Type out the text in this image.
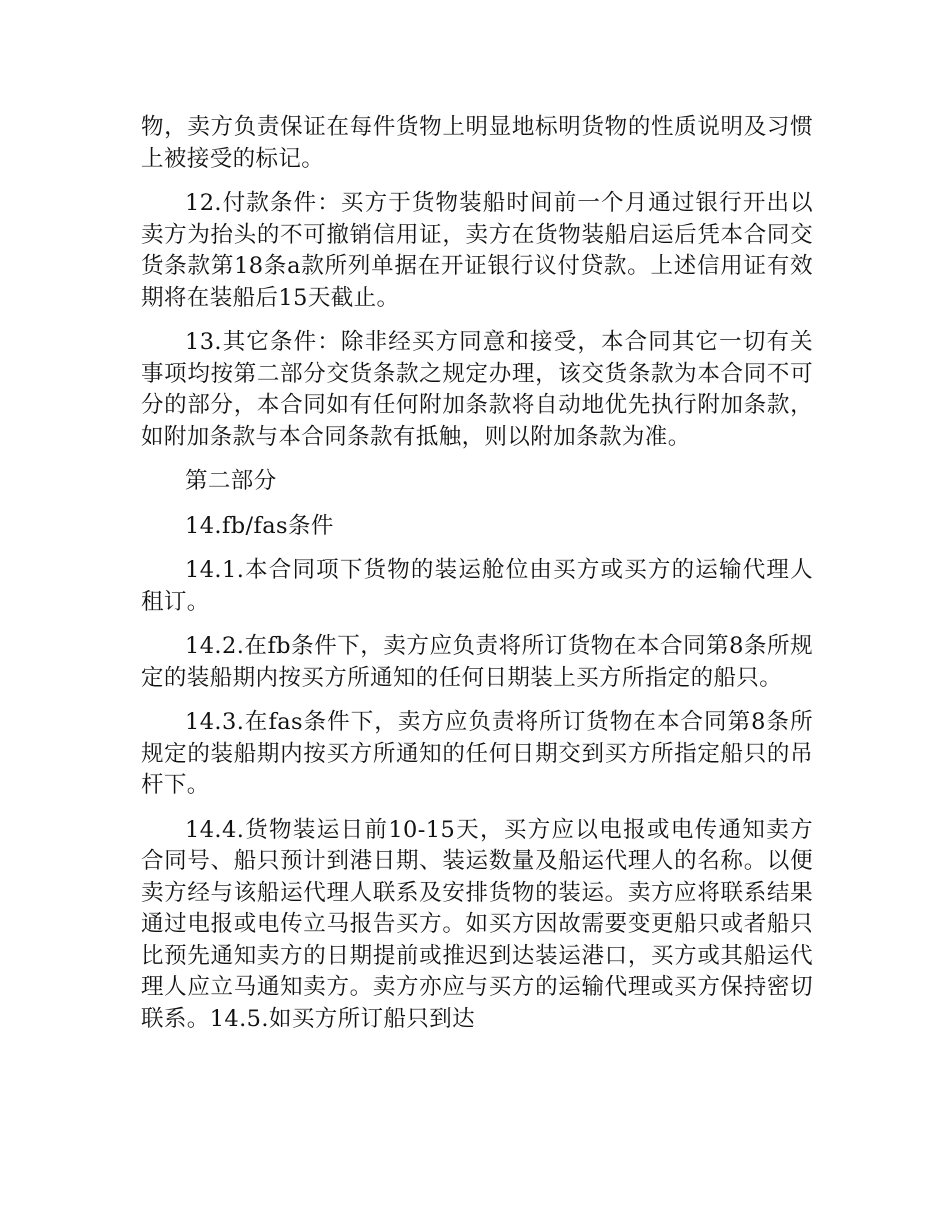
物，卖方负责保证在每件货物上明显地标明货物的性质说明及习惯上被接受的标记。

12.付款条件：买方于货物装船时间前一个月通过银行开出以卖方为抬头的不可撤销信用证，卖方在货物装船启运后凭本合同交货条款第18条a款所列单据在开证银行议付贷款。上述信用证有效期将在装船后15天截止。

13.其它条件：除非经买方同意和接受，本合同其它一切有关事项均按第二部分交货条款之规定办理，该交货条款为本合同不可分的部分，本合同如有任何附加条款将自动地优先执行附加条款，如附加条款与本合同条款有抵触，则以附加条款为准。

第二部分

14.fb/fas条件

14.1.本合同项下货物的装运舱位由买方或买方的运输代理人租订。

14.2.在fb条件下，卖方应负责将所订货物在本合同第8条所规定的装船期内按买方所通知的任何日期装上买方所指定的船只。

14.3.在fas条件下，卖方应负责将所订货物在本合同第8条所规定的装船期内按买方所通知的任何日期交到买方所指定船只的吊杆下。

14.4.货物装运日前10-15天，买方应以电报或电传通知卖方合同号、船只预计到港日期、装运数量及船运代理人的名称。以便卖方经与该船运代理人联系及安排货物的装运。卖方应将联系结果通过电报或电传立马报告买方。如买方因故需要变更船只或者船只比预先通知卖方的日期提前或推迟到达装运港口，买方或其船运代理人应立马通知卖方。卖方亦应与买方的运输代理或买方保持密切联系。14.5.如买方所订船只到达
